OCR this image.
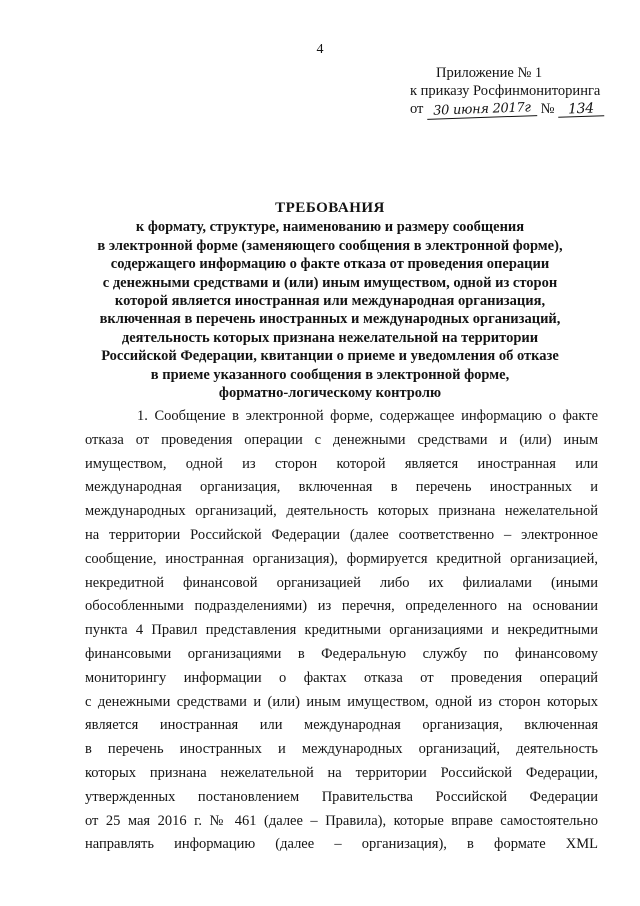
4
Приложение № 1
к приказу Росфинмониторинга
от 30 июня 2017г № 134
ТРЕБОВАНИЯ
к формату, структуре, наименованию и размеру сообщения
в электронной форме (заменяющего сообщения в электронной форме),
содержащего информацию о факте отказа от проведения операции
с денежными средствами и (или) иным имуществом, одной из сторон
которой является иностранная или международная организация,
включенная в перечень иностранных и международных организаций,
деятельность которых признана нежелательной на территории
Российской Федерации, квитанции о приеме и уведомления об отказе
в приеме указанного сообщения в электронной форме,
форматно-логическому контролю
1. Сообщение в электронной форме, содержащее информацию о факте
отказа от проведения операции с денежными средствами и (или) иным
имуществом, одной из сторон которой является иностранная или
международная организация, включенная в перечень иностранных и
международных организаций, деятельность которых признана нежелательной
на территории Российской Федерации (далее соответственно – электронное
сообщение, иностранная организация), формируется кредитной организацией,
некредитной финансовой организацией либо их филиалами (иными
обособленными подразделениями) из перечня, определенного на основании
пункта 4 Правил представления кредитными организациями и некредитными
финансовыми организациями в Федеральную службу по финансовому
мониторингу информации о фактах отказа от проведения операций
с денежными средствами и (или) иным имуществом, одной из сторон которых
является иностранная или международная организация, включенная
в перечень иностранных и международных организаций, деятельность
которых признана нежелательной на территории Российской Федерации,
утвержденных постановлением Правительства Российской Федерации
от 25 мая 2016 г. № 461 (далее – Правила), которые вправе самостоятельно
направлять информацию (далее – организация), в формате XML
